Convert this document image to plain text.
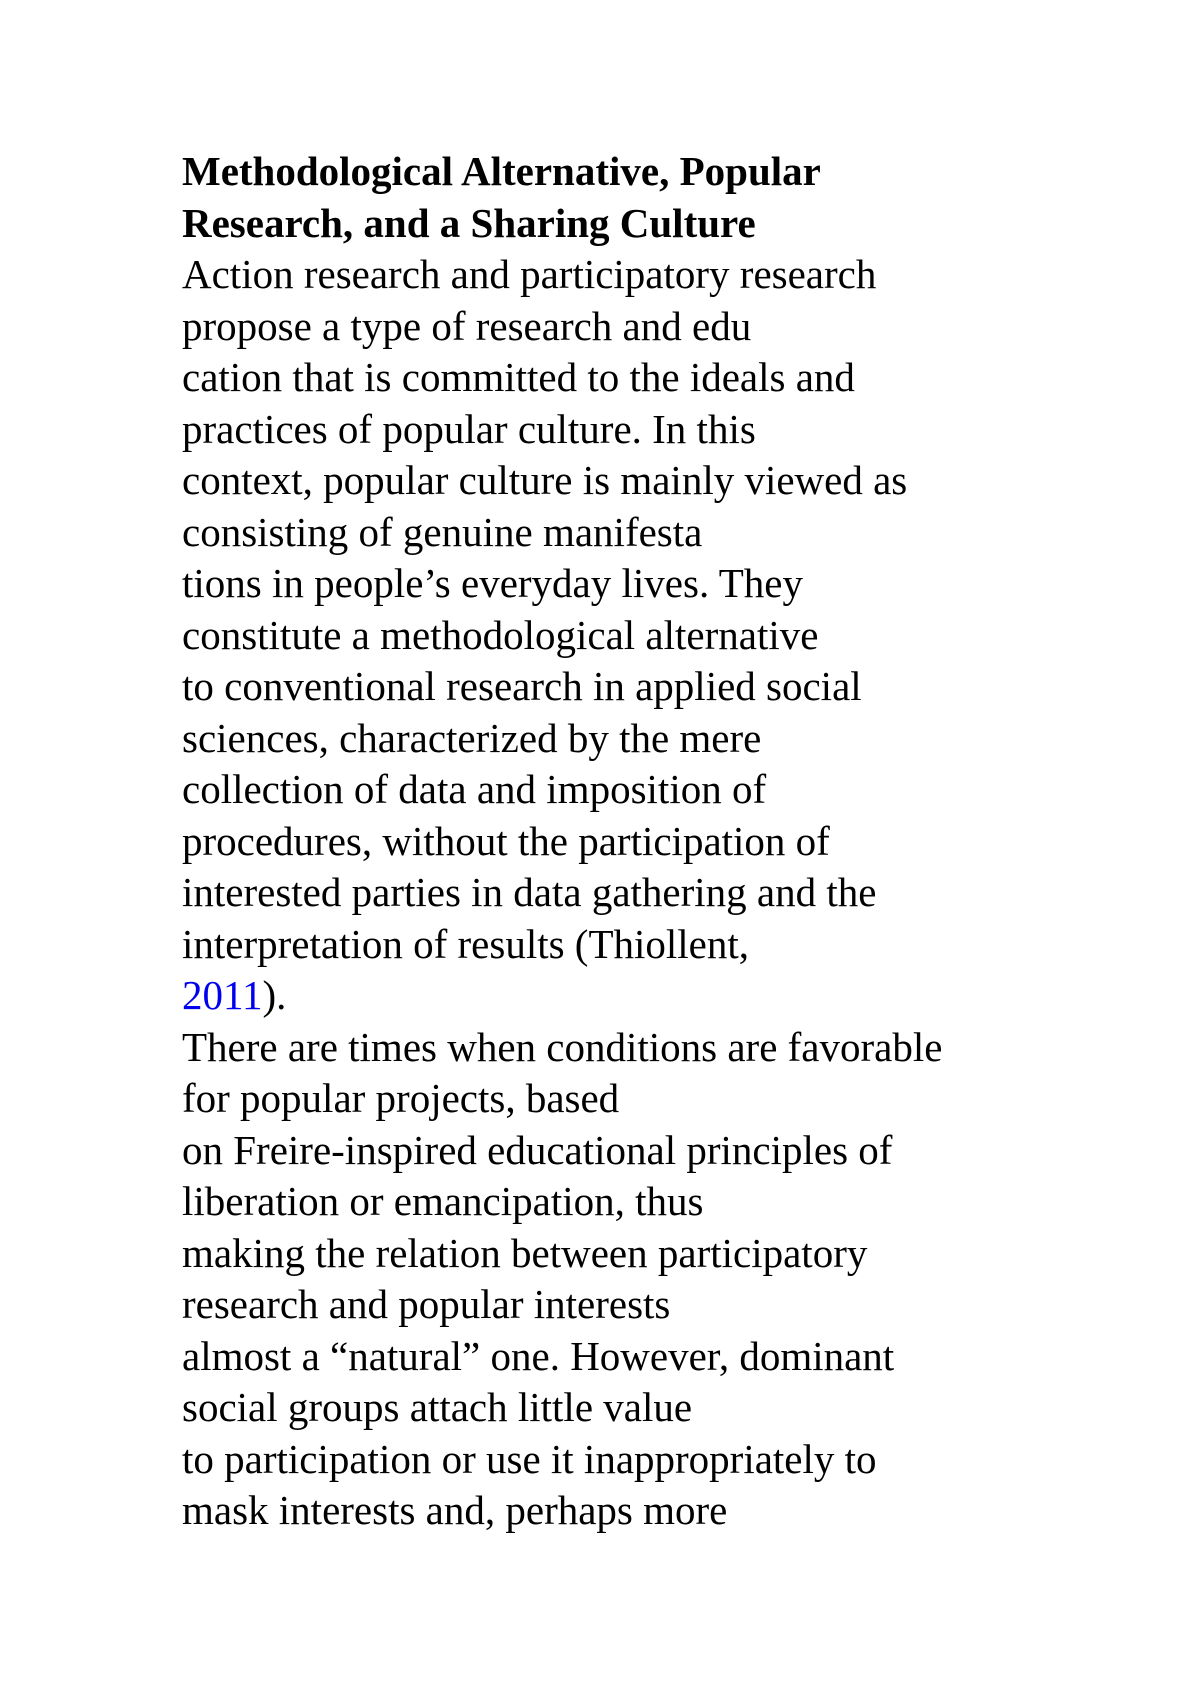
Methodological Alternative, Popular
Research, and a Sharing Culture
Action research and participatory research
propose a type of research and edu
cation that is committed to the ideals and
practices of popular culture. In this
context, popular culture is mainly viewed as
consisting of genuine manifesta
tions in people’s everyday lives. They
constitute a methodological alternative
to conventional research in applied social
sciences, characterized by the mere
collection of data and imposition of
procedures, without the participation of
interested parties in data gathering and the
interpretation of results (Thiollent,
2011).
There are times when conditions are favorable
for popular projects, based
on Freire-inspired educational principles of
liberation or emancipation, thus
making the relation between participatory
research and popular interests
almost a “natural” one. However, dominant
social groups attach little value
to participation or use it inappropriately to
mask interests and, perhaps more
